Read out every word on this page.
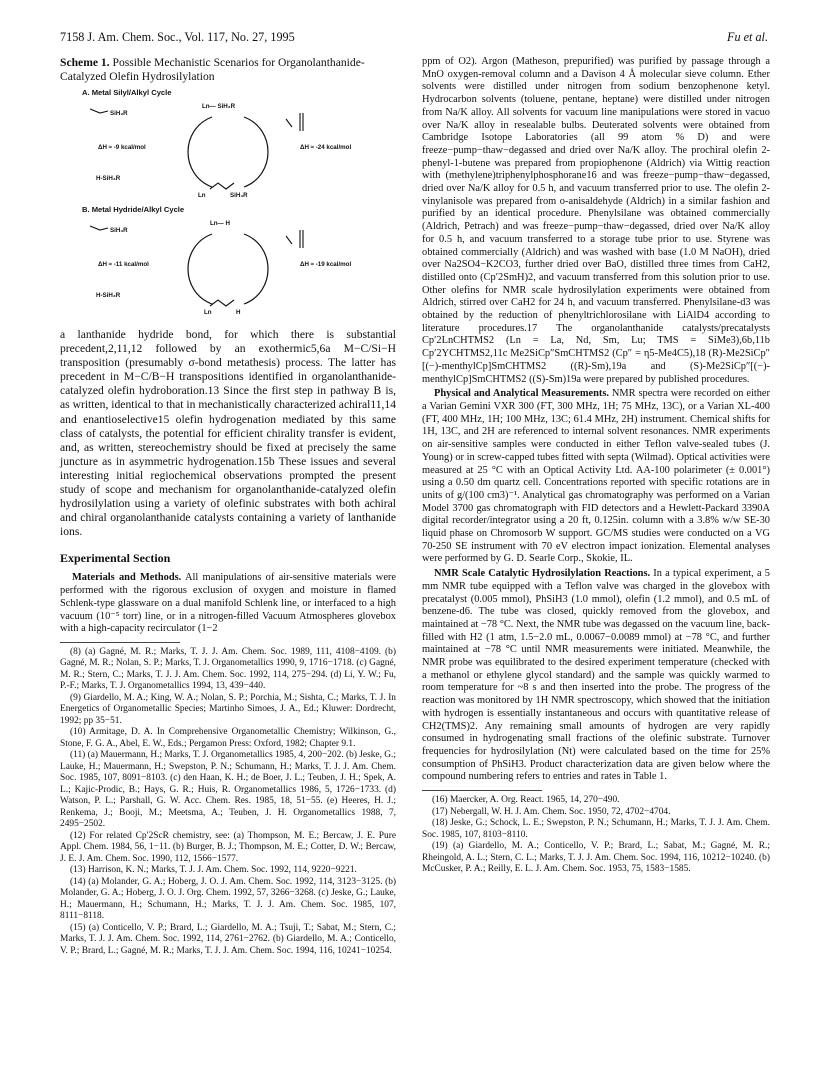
7158 J. Am. Chem. Soc., Vol. 117, No. 27, 1995	Fu et al.
Scheme 1. Possible Mechanistic Scenarios for Organolanthanide-Catalyzed Olefin Hydrosilylation
A. Metal Silyl/Alkyl Cycle
SiH₃R
Ln— SiH₃R
ΔH ≈ -9 kcal/mol	ΔH ≈ -24 kcal/mol
H-SiH₃R
Ln	SiH₃R
B. Metal Hydride/Alkyl Cycle
SiH₃R
Ln— H
ΔH ≈ -11 kcal/mol	ΔH ≈ -19 kcal/mol
H-SiH₃R
Ln	H

a lanthanide hydride bond, for which there is substantial precedent,2,11,12 followed by an exothermic5,6a M−C/Si−H transposition (presumably σ-bond metathesis) process. The latter has precedent in M−C/B−H transpositions identified in organolanthanide-catalyzed olefin hydroboration.13 Since the first step in pathway B is, as written, identical to that in mechanistically characterized achiral11,14 and enantioselective15 olefin hydrogenation mediated by this same class of catalysts, the potential for efficient chirality transfer is evident, and, as written, stereochemistry should be fixed at precisely the same juncture as in asymmetric hydrogenation.15b These issues and several interesting initial regiochemical observations prompted the present study of scope and mechanism for organolanthanide-catalyzed olefin hydrosilylation using a variety of olefinic substrates with both achiral and chiral organolanthanide catalysts containing a variety of lanthanide ions.

Experimental Section

Materials and Methods. All manipulations of air-sensitive materials were performed with the rigorous exclusion of oxygen and moisture in flamed Schlenk-type glassware on a dual manifold Schlenk line, or interfaced to a high vacuum (10⁻⁵ torr) line, or in a nitrogen-filled Vacuum Atmospheres glovebox with a high-capacity recirculator (1−2

(8) (a) Gagné, M. R.; Marks, T. J. J. Am. Chem. Soc. 1989, 111, 4108−4109. (b) Gagné, M. R.; Nolan, S. P.; Marks, T. J. Organometallics 1990, 9, 1716−1718. (c) Gagné, M. R.; Stern, C.; Marks, T. J. J. Am. Chem. Soc. 1992, 114, 275−294. (d) Li, Y. W.; Fu, P.-F.; Marks, T. J. Organometallics 1994, 13, 439−440.

(9) Giardello, M. A.; King, W. A.; Nolan, S. P.; Porchia, M.; Sishta, C.; Marks, T. J. In Energetics of Organometallic Species; Martinho Simoes, J. A., Ed.; Kluwer: Dordrecht, 1992; pp 35−51.

(10) Armitage, D. A. In Comprehensive Organometallic Chemistry; Wilkinson, G., Stone, F. G. A., Abel, E. W., Eds.; Pergamon Press: Oxford, 1982; Chapter 9.1.

(11) (a) Mauermann, H.; Marks, T. J. Organometallics 1985, 4, 200−202. (b) Jeske, G.; Lauke, H.; Mauermann, H.; Swepston, P. N.; Schumann, H.; Marks, T. J. J. Am. Chem. Soc. 1985, 107, 8091−8103. (c) den Haan, K. H.; de Boer, J. L.; Teuben, J. H.; Spek, A. L.; Kajic-Prodic, B.; Hays, G. R.; Huis, R. Organometallics 1986, 5, 1726−1733. (d) Watson, P. L.; Parshall, G. W. Acc. Chem. Res. 1985, 18, 51−55. (e) Heeres, H. J.; Renkema, J.; Booji, M.; Meetsma, A.; Teuben, J. H. Organometallics 1988, 7, 2495−2502.

(12) For related Cp′2ScR chemistry, see: (a) Thompson, M. E.; Bercaw, J. E. Pure Appl. Chem. 1984, 56, 1−11. (b) Burger, B. J.; Thompson, M. E.; Cotter, D. W.; Bercaw, J. E. J. Am. Chem. Soc. 1990, 112, 1566−1577.

(13) Harrison, K. N.; Marks, T. J. J. Am. Chem. Soc. 1992, 114, 9220−9221.

(14) (a) Molander, G. A.; Hoberg, J. O. J. Am. Chem. Soc. 1992, 114, 3123−3125. (b) Molander, G. A.; Hoberg, J. O. J. Org. Chem. 1992, 57, 3266−3268. (c) Jeske, G.; Lauke, H.; Mauermann, H.; Schumann, H.; Marks, T. J. J. Am. Chem. Soc. 1985, 107, 8111−8118.

(15) (a) Conticello, V. P.; Brard, L.; Giardello, M. A.; Tsuji, T.; Sabat, M.; Stern, C.; Marks, T. J. J. Am. Chem. Soc. 1992, 114, 2761−2762. (b) Giardello, M. A.; Conticello, V. P.; Brard, L.; Gagné, M. R.; Marks, T. J. J. Am. Chem. Soc. 1994, 116, 10241−10254.

ppm of O2). Argon (Matheson, prepurified) was purified by passage through a MnO oxygen-removal column and a Davison 4 Å molecular sieve column. Ether solvents were distilled under nitrogen from sodium benzophenone ketyl. Hydrocarbon solvents (toluene, pentane, heptane) were distilled under nitrogen from Na/K alloy. All solvents for vacuum line manipulations were stored in vacuo over Na/K alloy in resealable bulbs. Deuterated solvents were obtained from Cambridge Isotope Laboratories (all 99 atom % D) and were freeze−pump−thaw−degassed and dried over Na/K alloy. The prochiral olefin 2-phenyl-1-butene was prepared from propiophenone (Aldrich) via Wittig reaction with (methylene)triphenylphosphorane16 and was freeze−pump−thaw−degassed, dried over Na/K alloy for 0.5 h, and vacuum transferred prior to use. The olefin 2-vinylanisole was prepared from o-anisaldehyde (Aldrich) in a similar fashion and purified by an identical procedure. Phenylsilane was obtained commercially (Aldrich, Petrach) and was freeze−pump−thaw−degassed, dried over Na/K alloy for 0.5 h, and vacuum transferred to a storage tube prior to use. Styrene was obtained commercially (Aldrich) and was washed with base (1.0 M NaOH), dried over Na2SO4−K2CO3, further dried over BaO, distilled three times from CaH2, distilled onto (Cp′2SmH)2, and vacuum transferred from this solution prior to use. Other olefins for NMR scale hydrosilylation experiments were obtained from Aldrich, stirred over CaH2 for 24 h, and vacuum transferred. Phenylsilane-d3 was obtained by the reduction of phenyltrichlorosilane with LiAlD4 according to literature procedures.17 The organolanthanide catalysts/precatalysts Cp′2LnCHTMS2 (Ln = La, Nd, Sm, Lu; TMS = SiMe3),6b,11b Cp′2YCHTMS2,11c Me2SiCp″SmCHTMS2 (Cp″ = η5-Me4C5),18 (R)-Me2SiCp″[(−)-menthylCp]SmCHTMS2 ((R)-Sm),19a and (S)-Me2SiCp″[(−)-menthylCp]SmCHTMS2 ((S)-Sm)19a were prepared by published procedures.

Physical and Analytical Measurements. NMR spectra were recorded on either a Varian Gemini VXR 300 (FT, 300 MHz, 1H; 75 MHz, 13C), or a Varian XL-400 (FT, 400 MHz, 1H; 100 MHz, 13C; 61.4 MHz, 2H) instrument. Chemical shifts for 1H, 13C, and 2H are referenced to internal solvent resonances. NMR experiments on air-sensitive samples were conducted in either Teflon valve-sealed tubes (J. Young) or in screw-capped tubes fitted with septa (Wilmad). Optical activities were measured at 25 °C with an Optical Activity Ltd. AA-100 polarimeter (± 0.001°) using a 0.50 dm quartz cell. Concentrations reported with specific rotations are in units of g/(100 cm3)⁻¹. Analytical gas chromatography was performed on a Varian Model 3700 gas chromatograph with FID detectors and a Hewlett-Packard 3390A digital recorder/integrator using a 20 ft, 0.125in. column with a 3.8% w/w SE-30 liquid phase on Chromosorb W support. GC/MS studies were conducted on a VG 70-250 SE instrument with 70 eV electron impact ionization. Elemental analyses were performed by G. D. Searle Corp., Skokie, IL.

NMR Scale Catalytic Hydrosilylation Reactions. In a typical experiment, a 5 mm NMR tube equipped with a Teflon valve was charged in the glovebox with precatalyst (0.005 mmol), PhSiH3 (1.0 mmol), olefin (1.2 mmol), and 0.5 mL of benzene-d6. The tube was closed, quickly removed from the glovebox, and maintained at −78 °C. Next, the NMR tube was degassed on the vacuum line, back-filled with H2 (1 atm, 1.5−2.0 mL, 0.0067−0.0089 mmol) at −78 °C, and further maintained at −78 °C until NMR measurements were initiated. Meanwhile, the NMR probe was equilibrated to the desired experiment temperature (checked with a methanol or ethylene glycol standard) and the sample was quickly warmed to room temperature for ~8 s and then inserted into the probe. The progress of the reaction was monitored by 1H NMR spectroscopy, which showed that the initiation with hydrogen is essentially instantaneous and occurs with quantitative release of CH2(TMS)2. Any remaining small amounts of hydrogen are very rapidly consumed in hydrogenating small fractions of the olefinic substrate. Turnover frequencies for hydrosilylation (Nt) were calculated based on the time for 25% consumption of PhSiH3. Product characterization data are given below where the compound numbering refers to entries and rates in Table 1.

(16) Maercker, A. Org. React. 1965, 14, 270−490.

(17) Nebergall, W. H. J. Am. Chem. Soc. 1950, 72, 4702−4704.

(18) Jeske, G.; Schock, L. E.; Swepston, P. N.; Schumann, H.; Marks, T. J. J. Am. Chem. Soc. 1985, 107, 8103−8110.

(19) (a) Giardello, M. A.; Conticello, V. P.; Brard, L.; Sabat, M.; Gagné, M. R.; Rheingold, A. L.; Stern, C. L.; Marks, T. J. J. Am. Chem. Soc. 1994, 116, 10212−10240. (b) McCusker, P. A.; Reilly, E. L. J. Am. Chem. Soc. 1953, 75, 1583−1585.
